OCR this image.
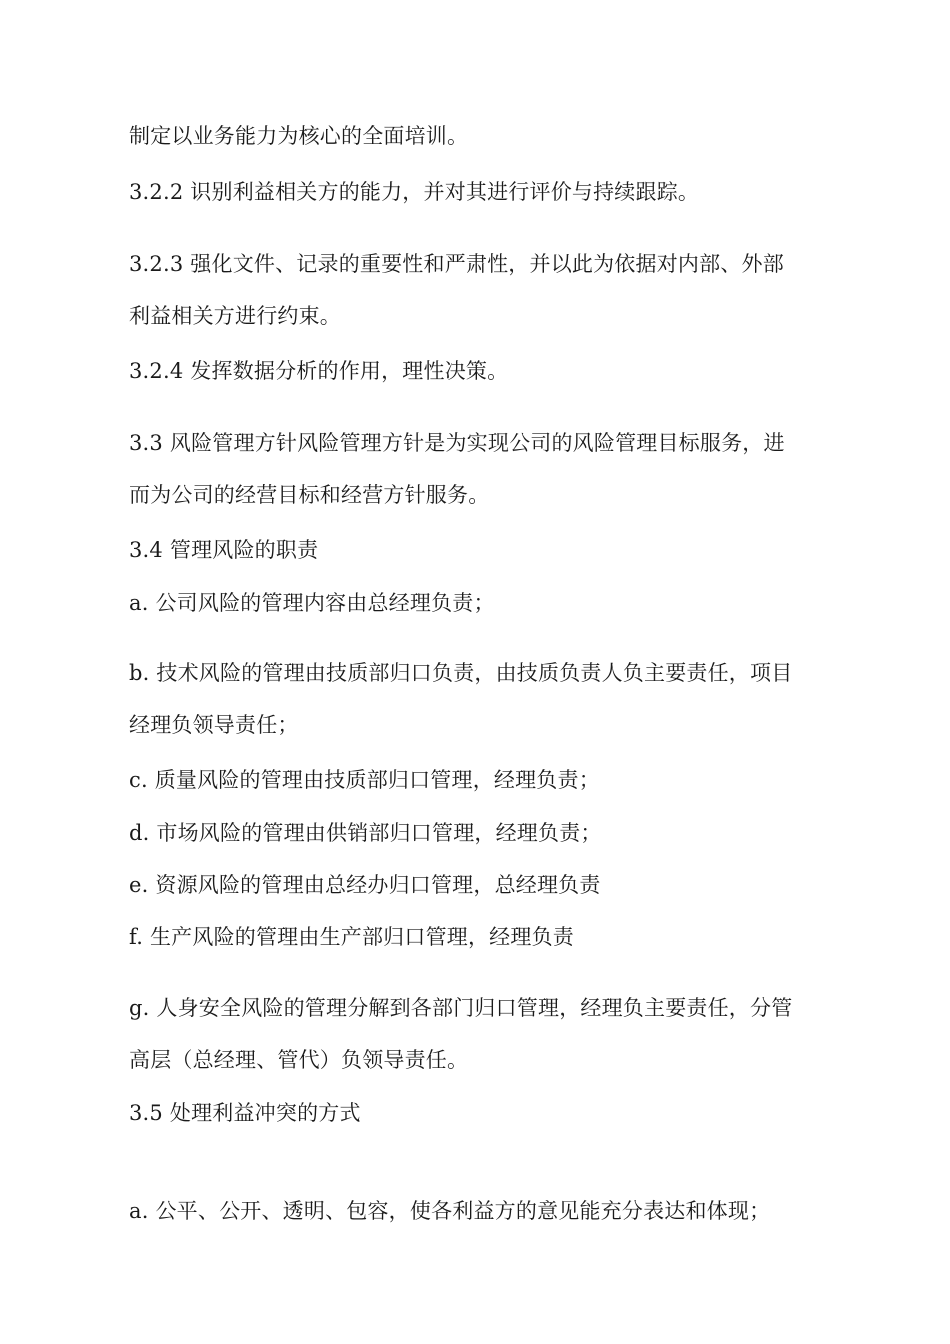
制定以业务能力为核心的全面培训。
3.2.2 识别利益相关方的能力，并对其进行评价与持续跟踪。
3.2.3 强化文件、记录的重要性和严肃性，并以此为依据对内部、外部
利益相关方进行约束。
3.2.4 发挥数据分析的作用，理性决策。
3.3 风险管理方针风险管理方针是为实现公司的风险管理目标服务，进
而为公司的经营目标和经营方针服务。
3.4 管理风险的职责
a. 公司风险的管理内容由总经理负责；
b. 技术风险的管理由技质部归口负责，由技质负责人负主要责任，项目
经理负领导责任；
c. 质量风险的管理由技质部归口管理，经理负责；
d. 市场风险的管理由供销部归口管理，经理负责；
e. 资源风险的管理由总经办归口管理，总经理负责
f. 生产风险的管理由生产部归口管理，经理负责
g. 人身安全风险的管理分解到各部门归口管理，经理负主要责任，分管
高层（总经理、管代）负领导责任。
3.5 处理利益冲突的方式
a. 公平、公开、透明、包容，使各利益方的意见能充分表达和体现；
